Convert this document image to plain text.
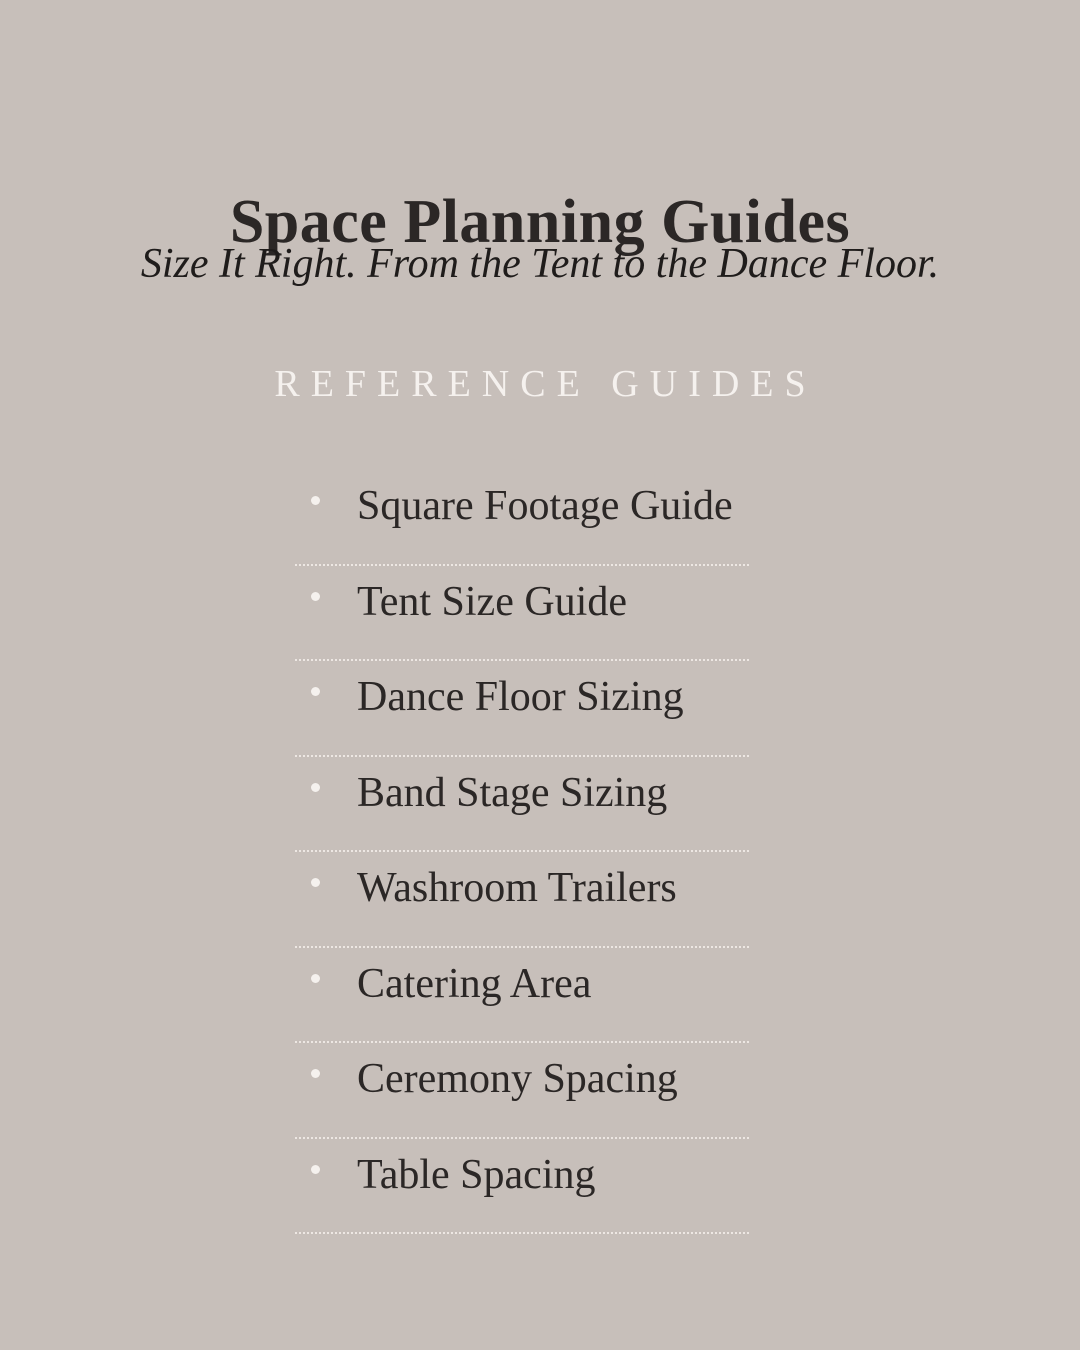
Space Planning Guides
Size It Right. From the Tent to the Dance Floor.
REFERENCE GUIDES
Square Footage Guide
Tent Size Guide
Dance Floor Sizing
Band Stage Sizing
Washroom Trailers
Catering Area
Ceremony Spacing
Table Spacing
